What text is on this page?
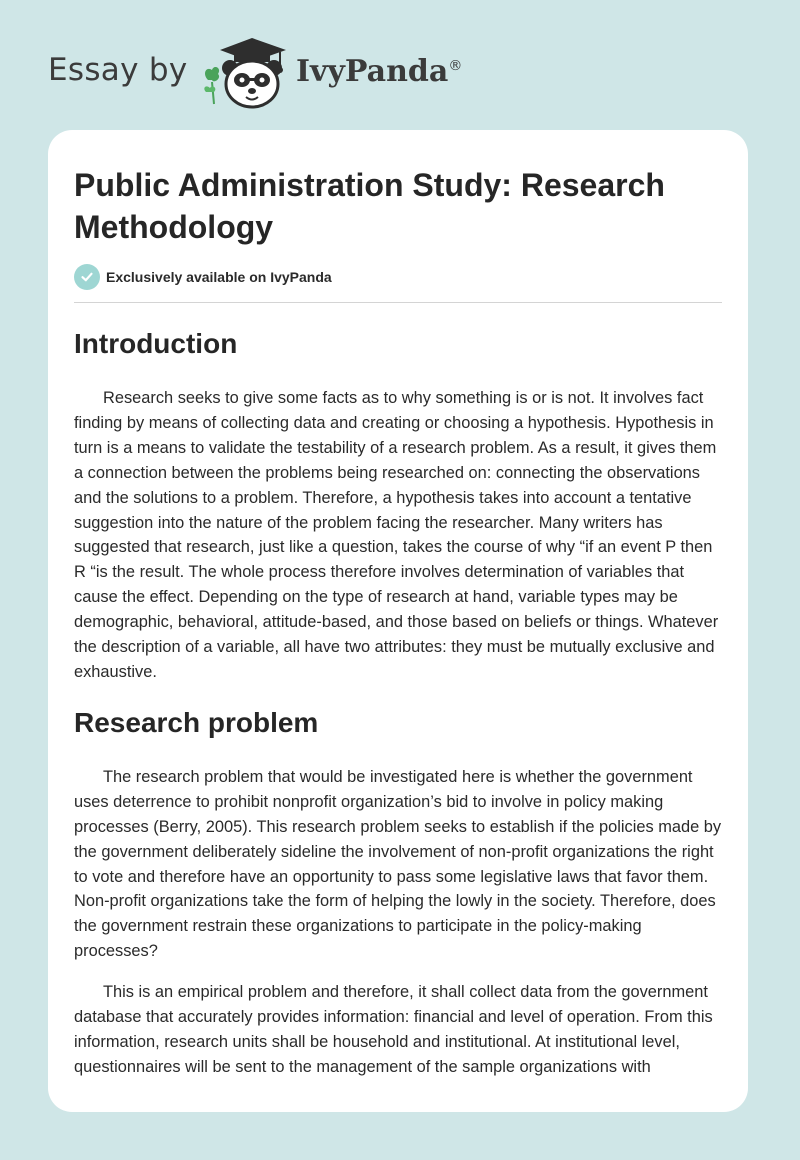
Essay by	IvyPanda®
Public Administration Study: Research Methodology
Exclusively available on IvyPanda
Introduction

Research seeks to give some facts as to why something is or is not. It involves fact finding by means of collecting data and creating or choosing a hypothesis. Hypothesis in turn is a means to validate the testability of a research problem. As a result, it gives them a connection between the problems being researched on: connecting the observations and the solutions to a problem. Therefore, a hypothesis takes into account a tentative suggestion into the nature of the problem facing the researcher. Many writers has suggested that research, just like a question, takes the course of why “if an event P then R “is the result. The whole process therefore involves determination of variables that cause the effect. Depending on the type of research at hand, variable types may be demographic, behavioral, attitude-based, and those based on beliefs or things. Whatever the description of a variable, all have two attributes: they must be mutually exclusive and exhaustive.

Research problem

The research problem that would be investigated here is whether the government uses deterrence to prohibit nonprofit organization’s bid to involve in policy making processes (Berry, 2005). This research problem seeks to establish if the policies made by the government deliberately sideline the involvement of non-profit organizations the right to vote and therefore have an opportunity to pass some legislative laws that favor them. Non-profit organizations take the form of helping the lowly in the society. Therefore, does the government restrain these organizations to participate in the policy-making processes?

This is an empirical problem and therefore, it shall collect data from the government database that accurately provides information: financial and level of operation. From this information, research units shall be household and institutional. At institutional level, questionnaires will be sent to the management of the sample organizations with
